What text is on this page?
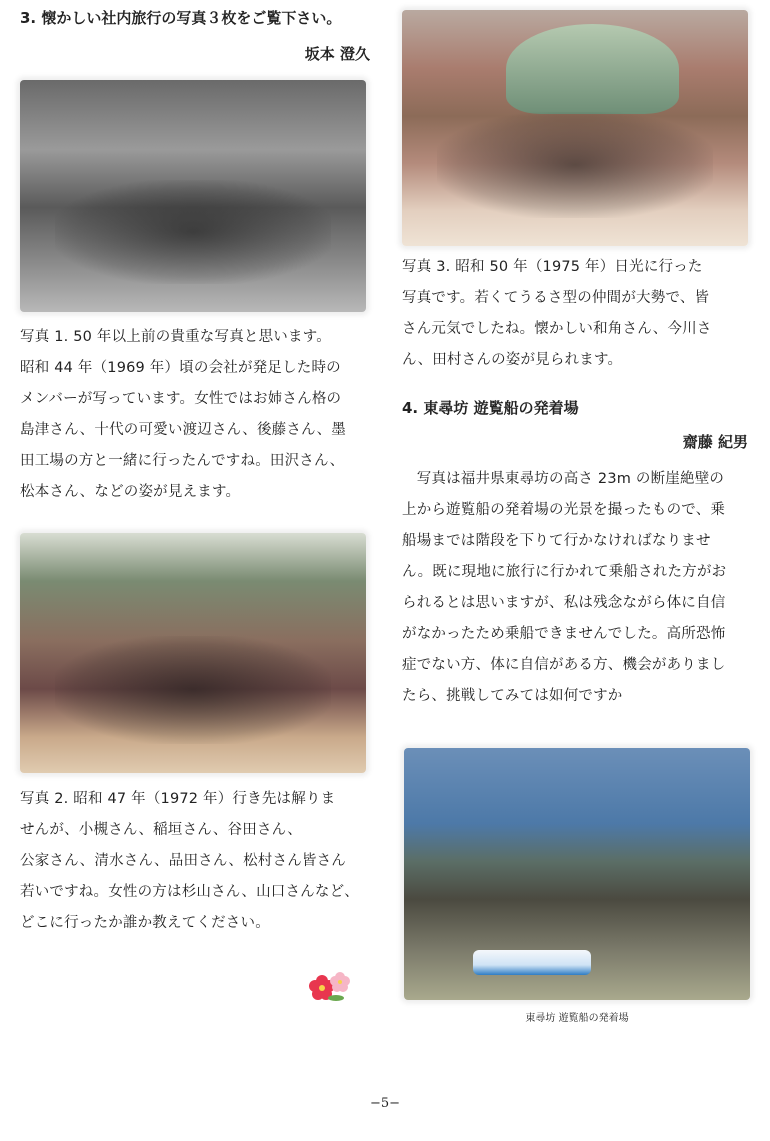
3. 懐かしい社内旅行の写真３枚をご覧下さい。
坂本 澄久
写真 1. 50 年以上前の貴重な写真と思います。
昭和 44 年（1969 年）頃の会社が発足した時の
メンバーが写っています。女性ではお姉さん格の
島津さん、十代の可愛い渡辺さん、後藤さん、墨
田工場の方と一緒に行ったんですね。田沢さん、
松本さん、などの姿が見えます。
写真 2. 昭和 47 年（1972 年）行き先は解りま
せんが、小槻さん、稲垣さん、谷田さん、
公家さん、清水さん、品田さん、松村さん皆さん
若いですね。女性の方は杉山さん、山口さんなど、
どこに行ったか誰か教えてください。
写真 3. 昭和 50 年（1975 年）日光に行った
写真です。若くてうるさ型の仲間が大勢で、皆
さん元気でしたね。懐かしい和角さん、今川さ
ん、田村さんの姿が見られます。
4. 東尋坊 遊覧船の発着場
齋藤 紀男
　写真は福井県東尋坊の高さ 23m の断崖絶壁の
上から遊覧船の発着場の光景を撮ったもので、乗
船場までは階段を下りて行かなければなりませ
ん。既に現地に旅行に行かれて乗船された方がお
られるとは思いますが、私は残念ながら体に自信
がなかったため乗船できませんでした。高所恐怖
症でない方、体に自信がある方、機会がありまし
たら、挑戦してみては如何ですか
東尋坊 遊覧船の発着場
−5−
